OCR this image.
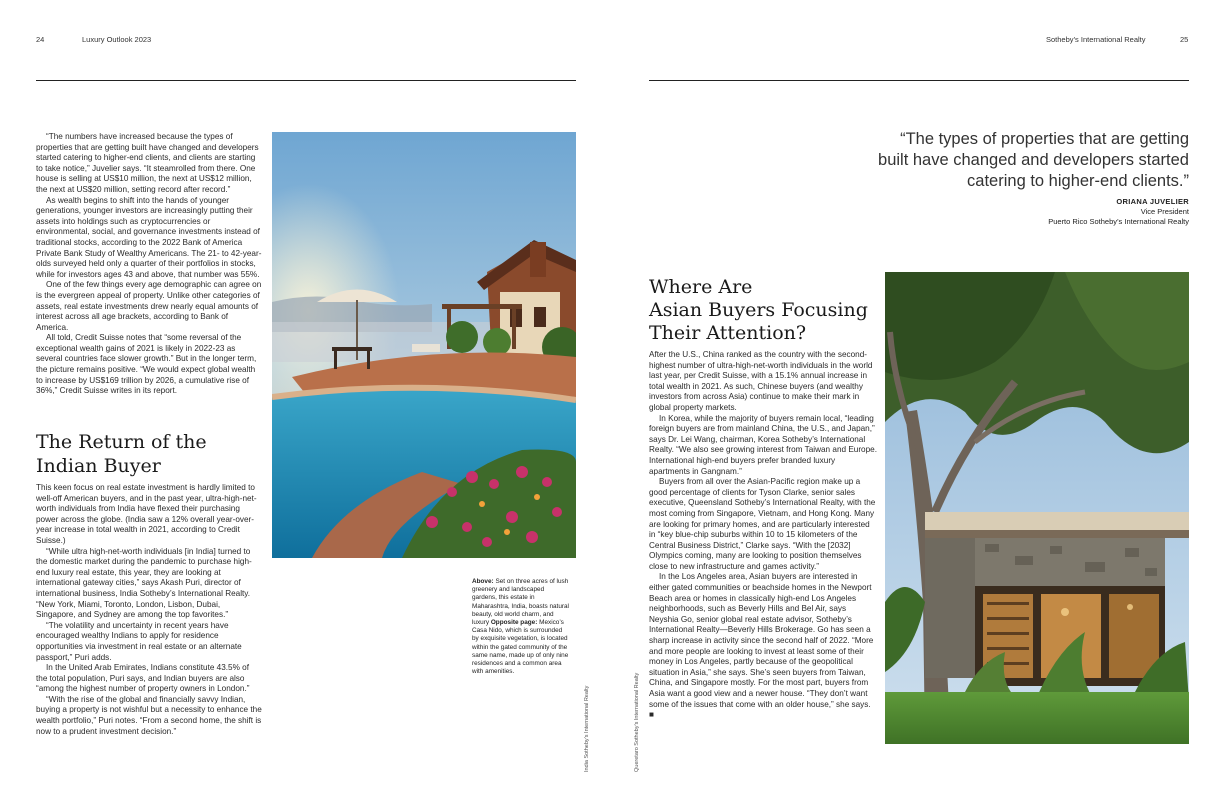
24	Luxury Outlook 2023

“The numbers have increased because the types of properties that are getting built have changed and developers started catering to higher-end clients, and clients are starting to take notice,” Juvelier says. “It steamrolled from there. One house is selling at US$10 million, the next at US$12 million, the next at US$20 million, setting record after record.”

As wealth begins to shift into the hands of younger generations, younger investors are increasingly putting their assets into holdings such as cryptocurrencies or environmental, social, and governance investments instead of traditional stocks, according to the 2022 Bank of America Private Bank Study of Wealthy Americans. The 21- to 42-year-olds surveyed held only a quarter of their portfolios in stocks, while for investors ages 43 and above, that number was 55%.

One of the few things every age demographic can agree on is the evergreen appeal of property. Unlike other categories of assets, real estate investments drew nearly equal amounts of interest across all age brackets, according to Bank of America.

All told, Credit Suisse notes that “some reversal of the exceptional wealth gains of 2021 is likely in 2022-23 as several countries face slower growth.” But in the longer term, the picture remains positive. “We would expect global wealth to increase by US$169 trillion by 2026, a cumulative rise of 36%,” Credit Suisse writes in its report.

The Return of the
Indian Buyer

This keen focus on real estate investment is hardly limited to well-off American buyers, and in the past year, ultra-high-net-worth individuals from India have flexed their purchasing power across the globe. (India saw a 12% overall year-over-year increase in total wealth in 2021, according to Credit Suisse.)

“While ultra high-net-worth individuals [in India] turned to the domestic market during the pandemic to purchase high-end luxury real estate, this year, they are looking at international gateway cities,” says Akash Puri, director of international business, India Sotheby’s International Realty. “New York, Miami, Toronto, London, Lisbon, Dubai, Singapore, and Sydney are among the top favorites.”

“The volatility and uncertainty in recent years have encouraged wealthy Indians to apply for residence opportunities via investment in real estate or an alternate passport,” Puri adds.

In the United Arab Emirates, Indians constitute 43.5% of the total population, Puri says, and Indian buyers are also “among the highest number of property owners in London.”

“With the rise of the global and financially savvy Indian, buying a property is not wishful but a necessity to enhance the wealth portfolio,” Puri notes. “From a second home, the shift is now to a prudent investment decision.”

Above: Set on three acres of lush greenery and landscaped gardens, this estate in Maharashtra, India, boasts natural beauty, old world charm, and luxury Opposite page: Mexico’s Casa Nido, which is surrounded by exquisite vegetation, is located within the gated community of the same name, made up of only nine residences and a common area with amenities.
India Sotheby’s International Realty
Sotheby’s International Realty	25
“The types of properties that are getting
built have changed and developers started
catering to higher-end clients.”
ORIANA JUVELIER
Vice President
Puerto Rico Sotheby’s International Realty
Where Are
Asian Buyers Focusing
Their Attention?

After the U.S., China ranked as the country with the second-highest number of ultra-high-net-worth individuals in the world last year, per Credit Suisse, with a 15.1% annual increase in total wealth in 2021. As such, Chinese buyers (and wealthy investors from across Asia) continue to make their mark in global property markets.

In Korea, while the majority of buyers remain local, “leading foreign buyers are from mainland China, the U.S., and Japan,” says Dr. Lei Wang, chairman, Korea Sotheby’s International Realty. “We also see growing interest from Taiwan and Europe. International high-end buyers prefer branded luxury apartments in Gangnam.”

Buyers from all over the Asian-Pacific region make up a good percentage of clients for Tyson Clarke, senior sales executive, Queensland Sotheby’s International Realty, with the most coming from Singapore, Vietnam, and Hong Kong. Many are looking for primary homes, and are particularly interested in “key blue-chip suburbs within 10 to 15 kilometers of the Central Business District,” Clarke says. “With the [2032] Olympics coming, many are looking to position themselves close to new infrastructure and games activity.”

In the Los Angeles area, Asian buyers are interested in either gated communities or beachside homes in the Newport Beach area or homes in classically high-end Los Angeles neighborhoods, such as Beverly Hills and Bel Air, says Neyshia Go, senior global real estate advisor, Sotheby’s International Realty—Beverly Hills Brokerage. Go has seen a sharp increase in activity since the second half of 2022. “More and more people are looking to invest at least some of their money in Los Angeles, partly because of the geopolitical situation in Asia,” she says. She’s seen buyers from Taiwan, China, and Singapore mostly. For the most part, buyers from Asia want a good view and a newer house. “They don’t want some of the issues that come with an older house,” she says. ■

Queretaro Sotheby’s International Realty
